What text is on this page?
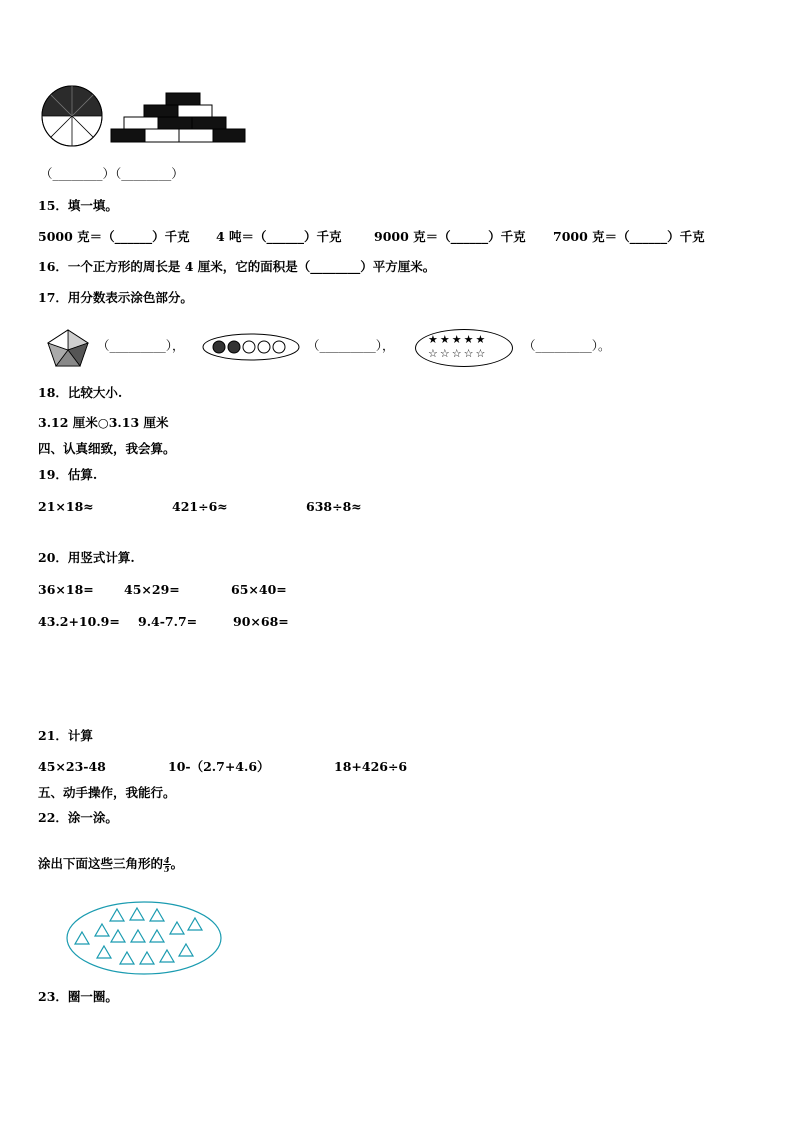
（________）（________）
15．填一填。
5000 克＝（______）千克 4 吨＝（______）千克	9000 克＝（______）千克 7000 克＝（______）千克
16．一个正方形的周长是 4 厘米，它的面积是（________）平方厘米。
17．用分数表示涂色部分。
（_________），	（_________），	★★★★★
☆☆☆☆☆
（_________）。
18．比较大小.
3.12 厘米○3.13 厘米
四、认真细致，我会算。
19．估算.
21×18≈	421÷6≈	638÷8≈
20．用竖式计算.
36×18= 45×29=	65×40=
43.2+10.9= 9.4-7.7=	90×68=
21．计算
45×23-48	10-（2.7+4.6）	18+426÷6
五、动手操作，我能行。
22．涂一涂。
涂出下面这些三角形的 $\frac{4}{5}$ 。
23．圈一圈。
